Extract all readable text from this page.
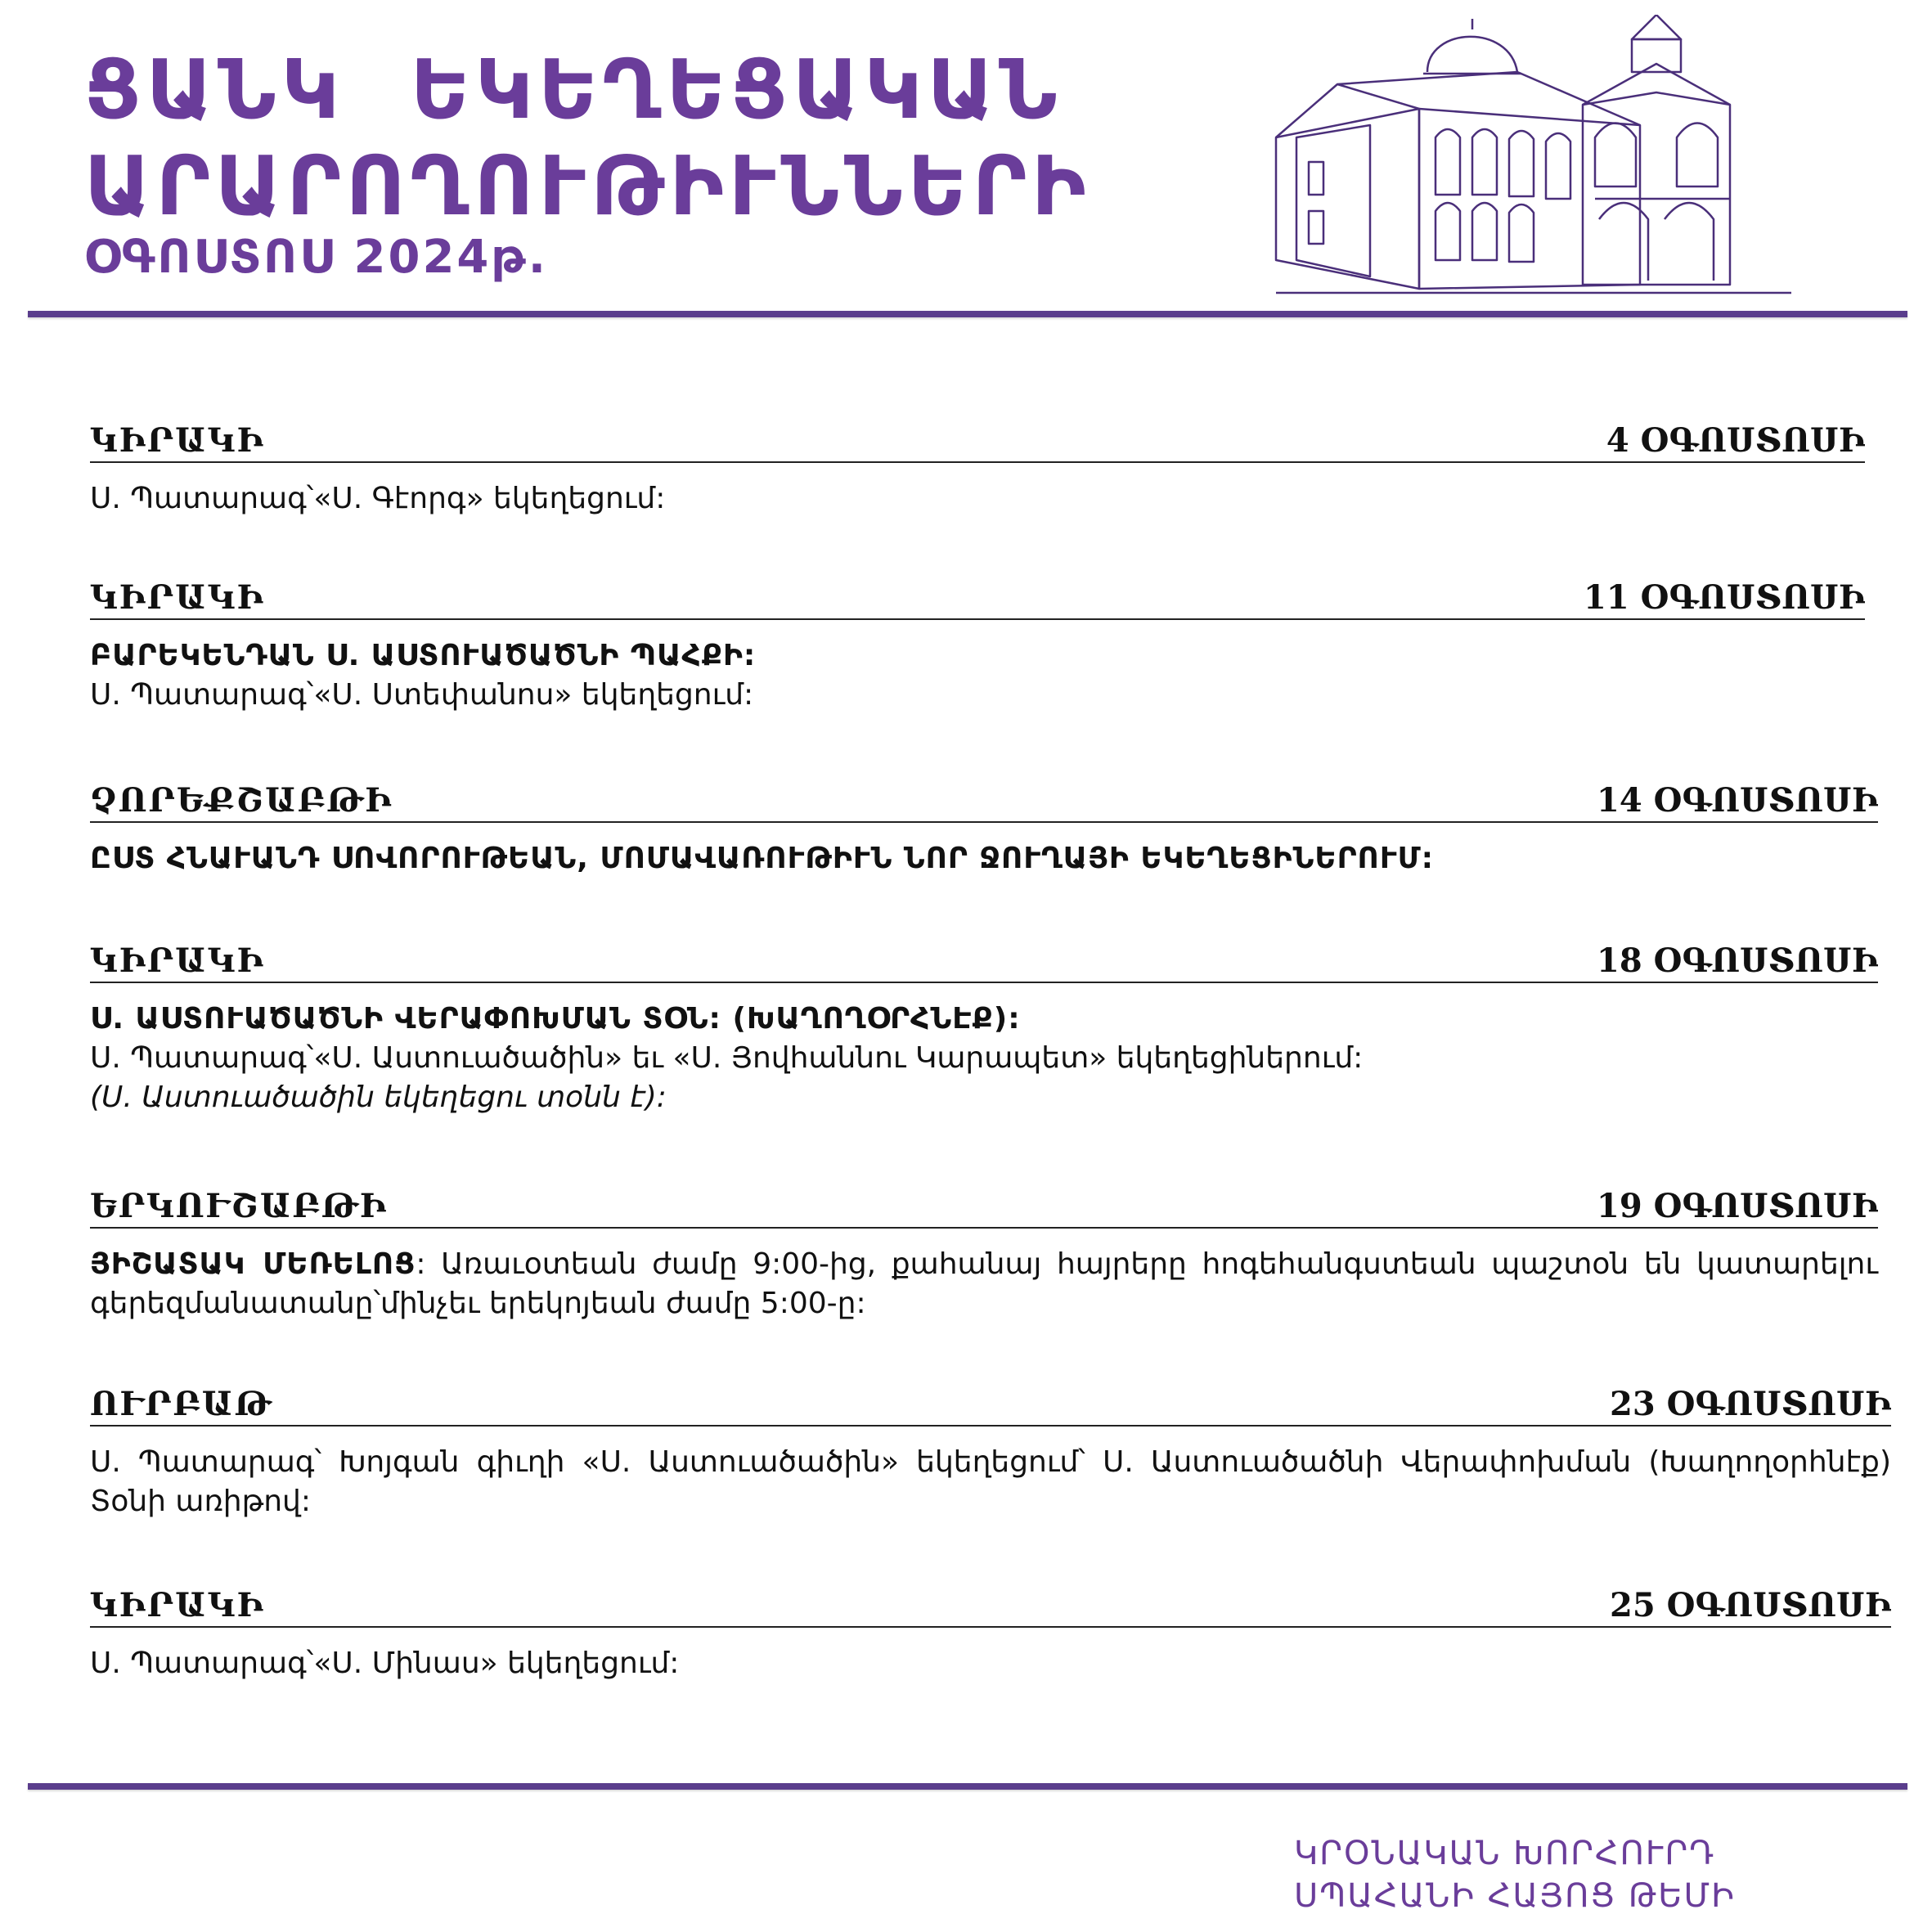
ՑԱՆԿ ԵԿԵՂԵՑԱԿԱՆ
ԱՐԱՐՈՂՈՒԹԻՒՆՆԵՐԻ
ՕԳՈՍՏՈՍ 2024թ.
ԿԻՐԱԿԻ	4 ՕԳՈՍՏՈՍԻ

Ս. Պատարագ՝«Ս. Գէորգ» եկեղեցում:

ԿԻՐԱԿԻ	11 ՕԳՈՍՏՈՍԻ

ԲԱՐԵԿԵՆԴԱՆ Ս. ԱՍՏՈՒԱԾԱԾՆԻ ՊԱՀՔԻ:

Ս. Պատարագ՝«Ս. Ստեփանոս» եկեղեցում:

ՉՈՐԵՔՇԱԲԹԻ	14 ՕԳՈՍՏՈՍԻ

ԸՍՏ ՀՆԱՒԱՆԴ ՍՈՎՈՐՈՒԹԵԱՆ, ՄՈՄԱՎԱՌՈՒԹԻՒՆ ՆՈՐ ՋՈՒՂԱՅԻ ԵԿԵՂԵՑԻՆԵՐՈՒՄ:

ԿԻՐԱԿԻ	18 ՕԳՈՍՏՈՍԻ

Ս. ԱՍՏՈՒԱԾԱԾՆԻ ՎԵՐԱՓՈԽՄԱՆ ՏՕՆ: (ԽԱՂՈՂՕՐՀՆԷՔ):

Ս. Պատարագ՝«Ս. Աստուածածին» եւ «Ս. Յովհաննու Կարապետ» եկեղեցիներում:

(Ս. Աստուածածին եկեղեցու տօնն է):

ԵՐԿՈՒՇԱԲԹԻ	19 ՕԳՈՍՏՈՍԻ

ՅԻՇԱՏԱԿ ՄԵՌԵԼՈՑ: Առաւօտեան ժամը 9:00-ից, քահանայ հայրերը հոգեհանգստեան պաշտօն են կատարելու գերեզմանատանը՝մինչեւ երեկոյեան ժամը 5:00-ը:

ՈՒՐԲԱԹ	23 ՕԳՈՍՏՈՍԻ

Ս. Պատարագ՝ Խոյգան գիւղի «Ս. Աստուածածին» եկեղեցում՝ Ս. Աստուածածնի Վերափոխման (Խաղողօրհնէք) Տօնի առիթով:

ԿԻՐԱԿԻ	25 ՕԳՈՍՏՈՍԻ

Ս. Պատարագ՝«Ս. Մինաս» եկեղեցում:

ԿՐՕՆԱԿԱՆ ԽՈՐՀՈՒՐԴ
ՍՊԱՀԱՆԻ ՀԱՅՈՑ ԹԵՄԻ
